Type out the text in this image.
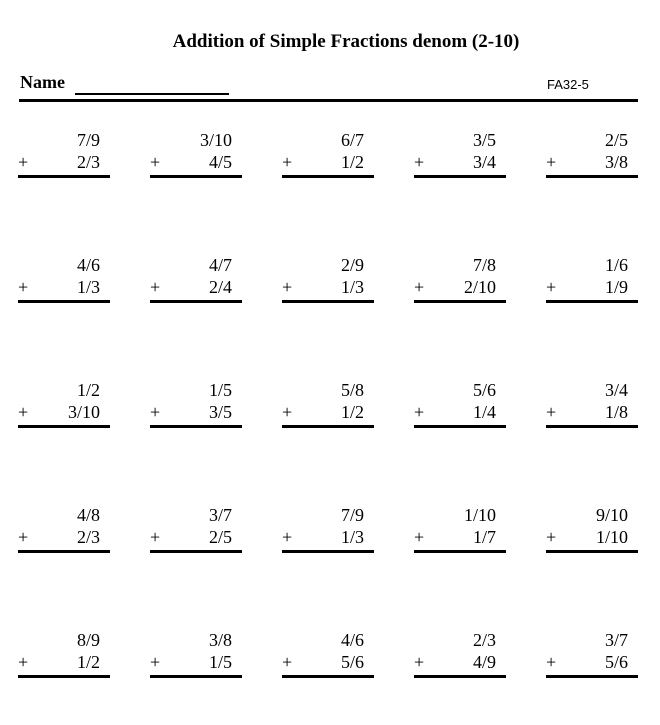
Addition of Simple Fractions denom (2-10)
Name	FA32-5
7/9
+	2/3
3/10
+	4/5
6/7
+	1/2
3/5
+	3/4
2/5
+	3/8
4/6
+	1/3
4/7
+	2/4
2/9
+	1/3
7/8
+ 2/10
1/6
+	1/9
1/2
+ 3/10
1/5
+	3/5
5/8
+	1/2
5/6
+	1/4
3/4
+	1/8
4/8
+	2/3
3/7
+	2/5
7/9
+	1/3
1/10
+	1/7
9/10
+ 1/10
8/9
+	1/2
3/8
+	1/5
4/6
+	5/6
2/3
+	4/9
3/7
+	5/6
